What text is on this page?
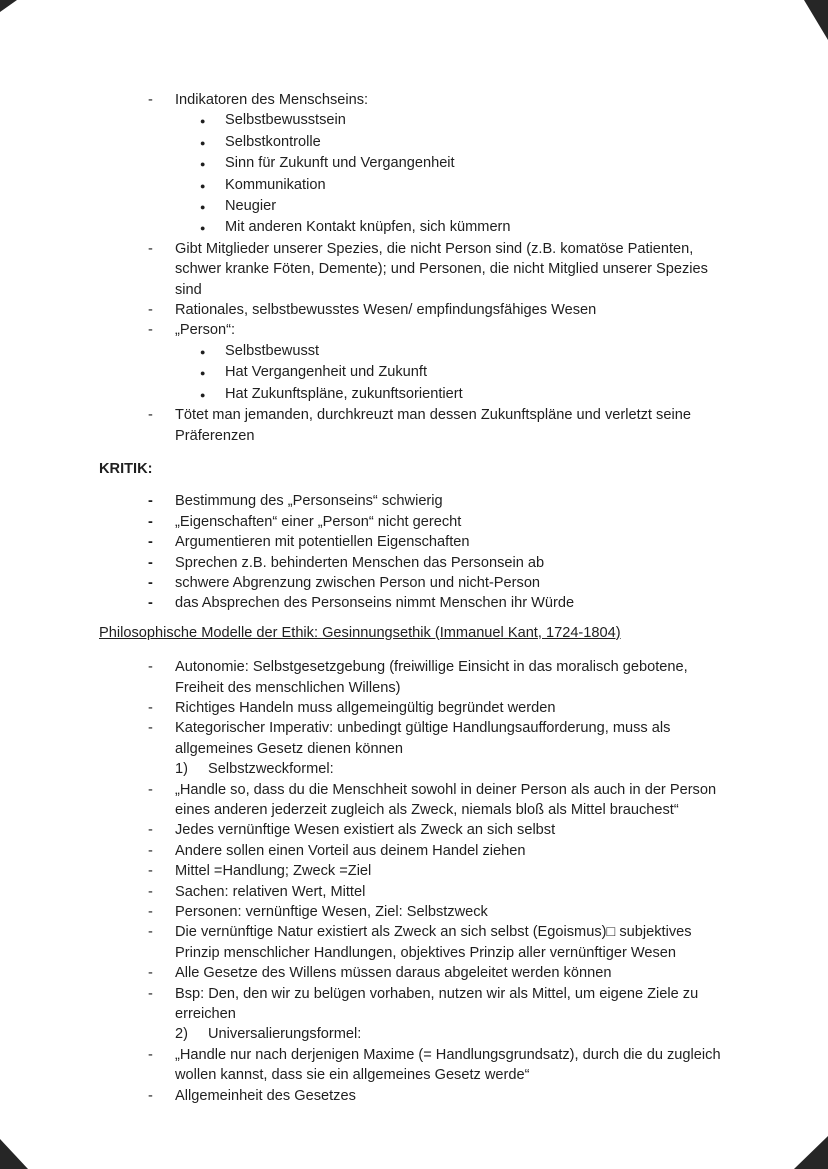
-	Indikatoren des Menschseins:
●	Selbstbewusstsein
●	Selbstkontrolle
●	Sinn für Zukunft und Vergangenheit
●	Kommunikation
●	Neugier
●	Mit anderen Kontakt knüpfen, sich kümmern
-	Gibt Mitglieder unserer Spezies, die nicht Person sind (z.B. komatöse Patienten, schwer kranke Föten, Demente); und Personen, die nicht Mitglied unserer Spezies sind
-	Rationales, selbstbewusstes Wesen/ empfindungsfähiges Wesen
-	„Person“:
●	Selbstbewusst
●	Hat Vergangenheit und Zukunft
●	Hat Zukunftspläne, zukunftsorientiert
-	Tötet man jemanden, durchkreuzt man dessen Zukunftspläne und verletzt seine Präferenzen
KRITIK:
-	Bestimmung des „Personseins“ schwierig
-	„Eigenschaften“ einer „Person“ nicht gerecht
-	Argumentieren mit potentiellen Eigenschaften
-	Sprechen z.B. behinderten Menschen das Personsein ab
-	schwere Abgrenzung zwischen Person und nicht-Person
-	das Absprechen des Personseins nimmt Menschen ihr Würde
Philosophische Modelle der Ethik: Gesinnungsethik (Immanuel Kant, 1724-1804)
-	Autonomie: Selbstgesetzgebung (freiwillige Einsicht in das moralisch gebotene, Freiheit des menschlichen Willens)
-	Richtiges Handeln muss allgemeingültig begründet werden
-	Kategorischer Imperativ: unbedingt gültige Handlungsaufforderung, muss als allgemeines Gesetz dienen können
1)	Selbstzweckformel:
-	„Handle so, dass du die Menschheit sowohl in deiner Person als auch in der Person eines anderen jederzeit zugleich als Zweck, niemals bloß als Mittel brauchest“
-	Jedes vernünftige Wesen existiert als Zweck an sich selbst
-	Andere sollen einen Vorteil aus deinem Handel ziehen
-	Mittel =Handlung; Zweck =Ziel
-	Sachen: relativen Wert, Mittel
-	Personen: vernünftige Wesen, Ziel: Selbstzweck
-	Die vernünftige Natur existiert als Zweck an sich selbst (Egoismus)□ subjektives Prinzip menschlicher Handlungen, objektives Prinzip aller vernünftiger Wesen
-	Alle Gesetze des Willens müssen daraus abgeleitet werden können
-	Bsp: Den, den wir zu belügen vorhaben, nutzen wir als Mittel, um eigene Ziele zu erreichen
2)	Universalierungsformel:
-	„Handle nur nach derjenigen Maxime (= Handlungsgrundsatz), durch die du zugleich wollen kannst, dass sie ein allgemeines Gesetz werde“
-	Allgemeinheit des Gesetzes
